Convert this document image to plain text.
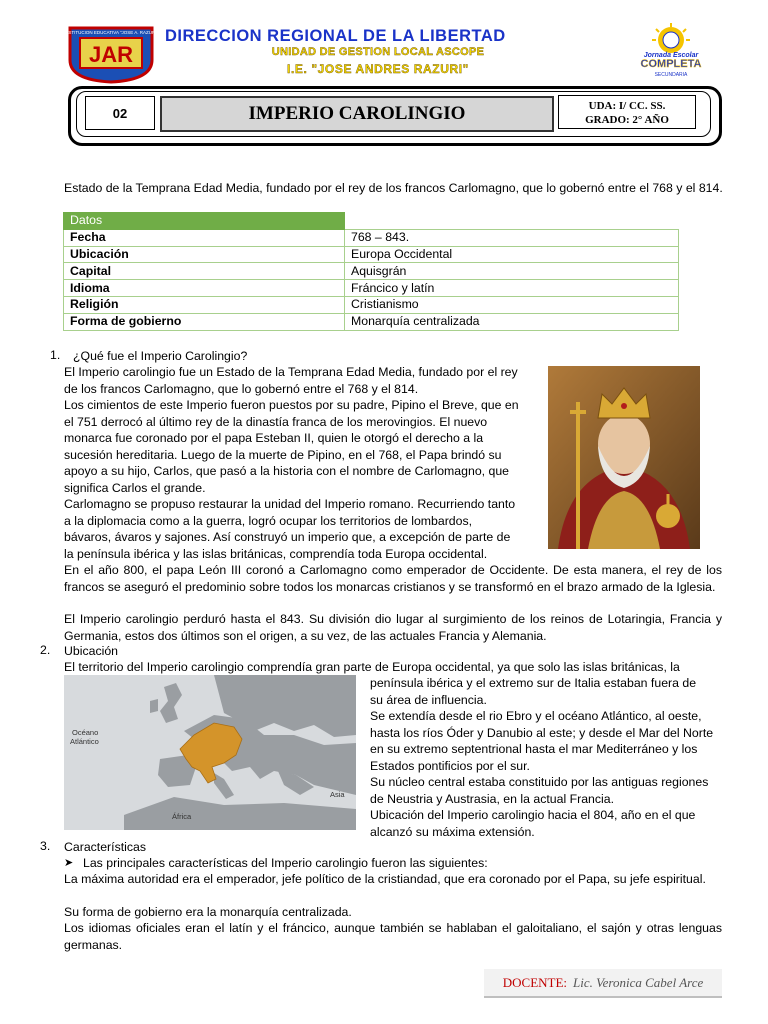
INSTITUCION EDUCATIVA "JOSE A. RAZURI"
JAR
DIRECCION REGIONAL DE LA LIBERTAD
UNIDAD DE GESTION LOCAL ASCOPE
I.E. "JOSE ANDRES RAZURI"
Jornada Escolar
COMPLETA
SECUNDARIA
02	IMPERIO CAROLINGIO	UDA: I/ CC. SS.
GRADO: 2° AÑO
Estado de la Temprana Edad Media, fundado por el rey de los francos Carlomagno, que lo gobernó entre el 768 y el 814.
Datos	
Fecha	768 – 843.
Ubicación	Europa Occidental
Capital	Aquisgrán
Idioma	Fráncico y latín
Religión	Cristianismo
Forma de gobierno	Monarquía centralizada
1. ¿Qué fue el Imperio Carolingio?
El Imperio carolingio fue un Estado de la Temprana Edad Media, fundado por el rey
de los francos Carlomagno, que lo gobernó entre el 768 y el 814.
Los cimientos de este Imperio fueron puestos por su padre, Pipino el Breve, que en
el 751 derrocó al último rey de la dinastía franca de los merovingios. El nuevo
monarca fue coronado por el papa Esteban II, quien le otorgó el derecho a la
sucesión hereditaria. Luego de la muerte de Pipino, en el 768, el Papa brindó su
apoyo a su hijo, Carlos, que pasó a la historia con el nombre de Carlomagno, que
significa Carlos el grande.
Carlomagno se propuso restaurar la unidad del Imperio romano. Recurriendo tanto
a la diplomacia como a la guerra, logró ocupar los territorios de lombardos,
bávaros, ávaros y sajones. Así construyó un imperio que, a excepción de parte de
la península ibérica y las islas británicas, comprendía toda Europa occidental.
En el año 800, el papa León III coronó a Carlomagno como emperador de Occidente. De esta manera, el rey de los francos se aseguró el predominio sobre todos los monarcas cristianos y se transformó en el brazo armado de la Iglesia.
El Imperio carolingio perduró hasta el 843. Su división dio lugar al surgimiento de los reinos de Lotaringia, Francia y Germania, estos dos últimos son el origen, a su vez, de las actuales Francia y Alemania.
2. Ubicación
El territorio del Imperio carolingio comprendía gran parte de Europa occidental, ya que solo las islas británicas, la
Océano
Atlántico
África
Asia
península ibérica y el extremo sur de Italia estaban fuera de
su área de influencia.
Se extendía desde el rio Ebro y el océano Atlántico, al oeste,
hasta los ríos Óder y Danubio al este; y desde el Mar del Norte
en su extremo septentrional hasta el mar Mediterráneo y los
Estados pontificios por el sur.
Su núcleo central estaba constituido por las antiguas regiones
de Neustria y Austrasia, en la actual Francia.
Ubicación del Imperio carolingio hacia el 804, año en el que
alcanzó su máxima extensión.
3. Características
➤ Las principales características del Imperio carolingio fueron las siguientes:
La máxima autoridad era el emperador, jefe político de la cristiandad, que era coronado por el Papa, su jefe espiritual.
Su forma de gobierno era la monarquía centralizada.
Los idiomas oficiales eran el latín y el fráncico, aunque también se hablaban el galoitaliano, el sajón y otras lenguas germanas.
DOCENTE: Lic. Veronica Cabel Arce
